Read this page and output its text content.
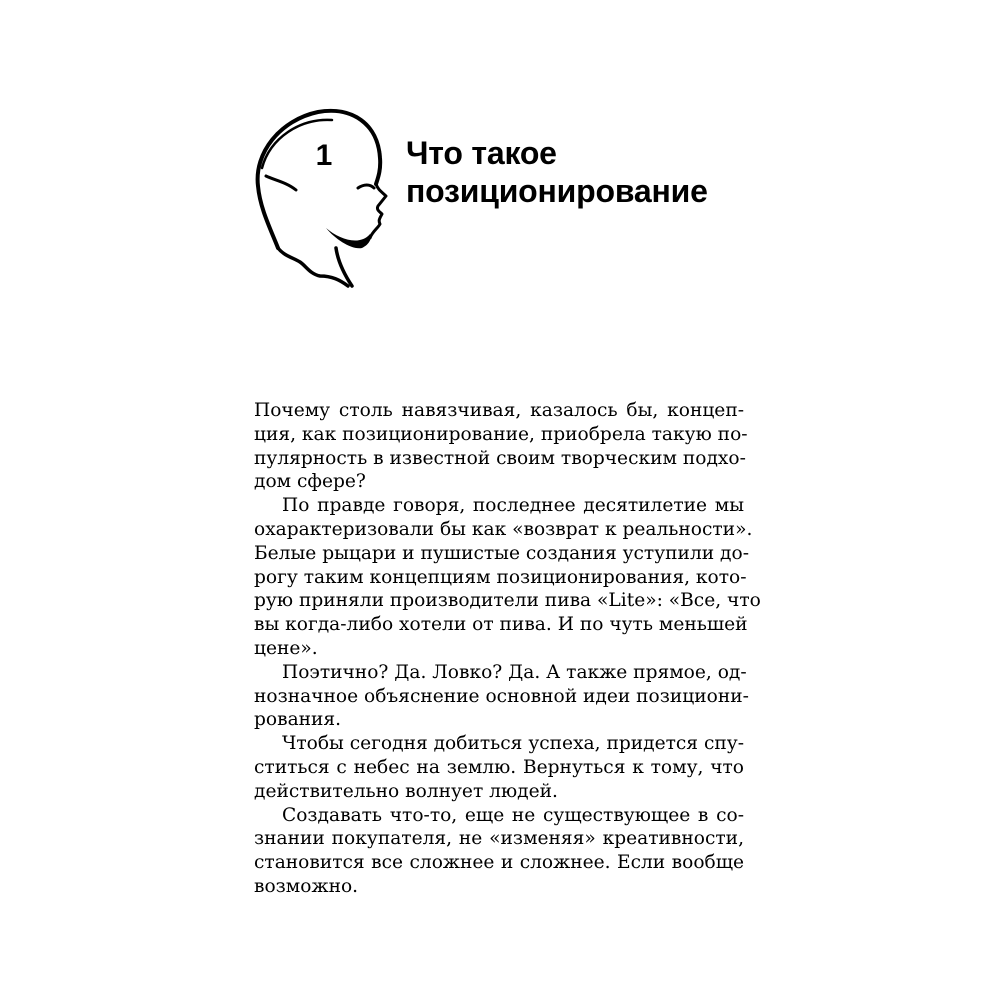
1	Что такое
позиционирование
Почему столь навязчивая, казалось бы, концеп-
ция, как позиционирование, приобрела такую по-
пулярность в известной своим творческим подхо-
дом сфере?
По правде говоря, последнее десятилетие мы
охарактеризовали бы как «возврат к реальности».
Белые рыцари и пушистые создания уступили до-
рогу таким концепциям позиционирования, кото-
рую приняли производители пива «Lite»: «Все, что
вы когда-либо хотели от пива. И по чуть меньшей
цене».
Поэтично? Да. Ловко? Да. А также прямое, од-
нозначное объяснение основной идеи позициони-
рования.
Чтобы сегодня добиться успеха, придется спу-
ститься с небес на землю. Вернуться к тому, что
действительно волнует людей.
Создавать что-то, еще не существующее в со-
знании покупателя, не «изменяя» креативности,
становится все сложнее и сложнее. Если вообще
возможно.
